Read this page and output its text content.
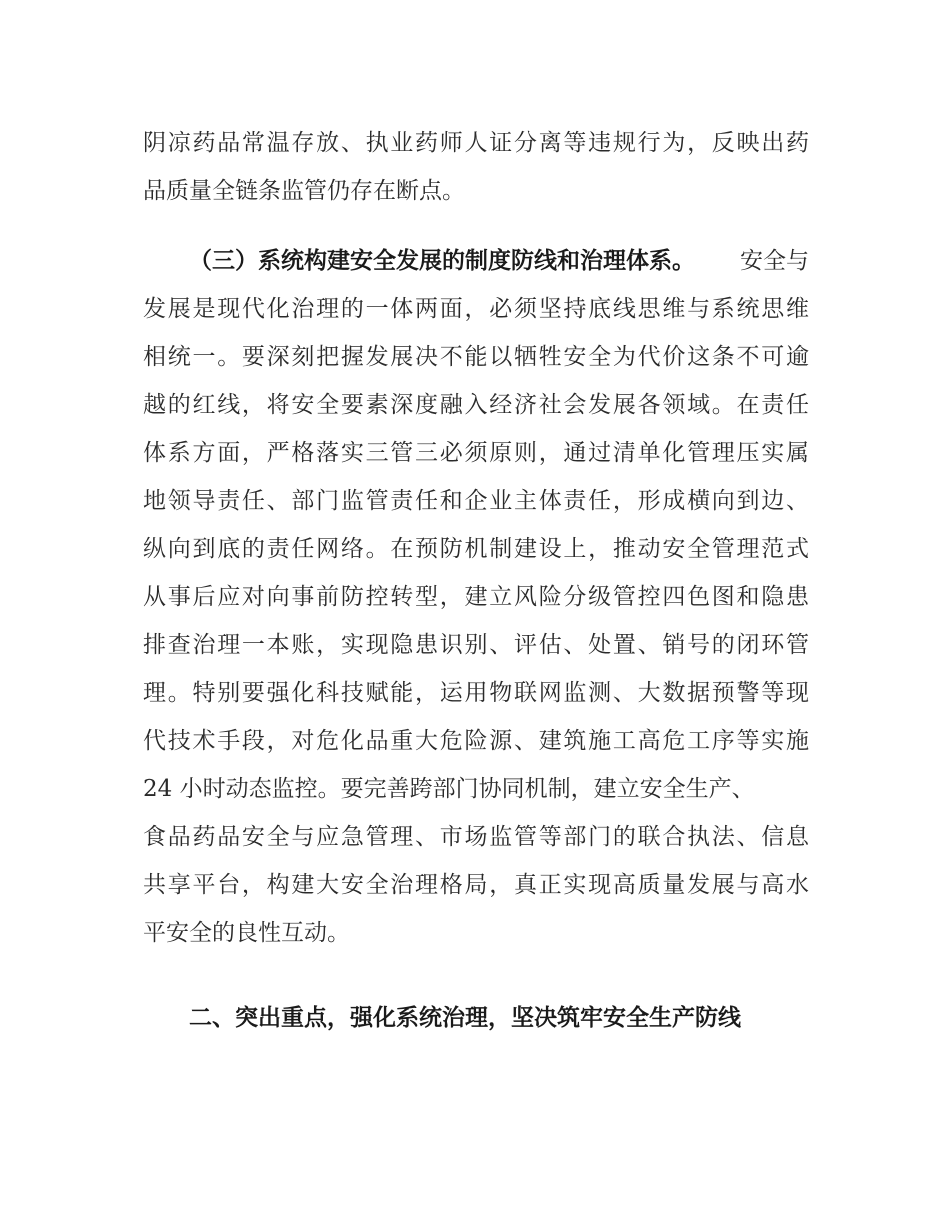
阴凉药品常温存放、执业药师人证分离等违规行为，反映出药

品质量全链条监管仍存在断点。

（三）系统构建安全发展的制度防线和治理体系。 安全与

发展是现代化治理的一体两面，必须坚持底线思维与系统思维

相统一。要深刻把握发展决不能以牺牲安全为代价这条不可逾

越的红线，将安全要素深度融入经济社会发展各领域。在责任

体系方面，严格落实三管三必须原则，通过清单化管理压实属

地领导责任、部门监管责任和企业主体责任，形成横向到边、

纵向到底的责任网络。在预防机制建设上，推动安全管理范式

从事后应对向事前防控转型，建立风险分级管控四色图和隐患

排查治理一本账，实现隐患识别、评估、处置、销号的闭环管

理。特别要强化科技赋能，运用物联网监测、大数据预警等现

代技术手段，对危化品重大危险源、建筑施工高危工序等实施

24 小时动态监控。要完善跨部门协同机制，建立安全生产、

食品药品安全与应急管理、市场监管等部门的联合执法、信息

共享平台，构建大安全治理格局，真正实现高质量发展与高水

平安全的良性互动。

二、突出重点，强化系统治理，坚决筑牢安全生产防线
